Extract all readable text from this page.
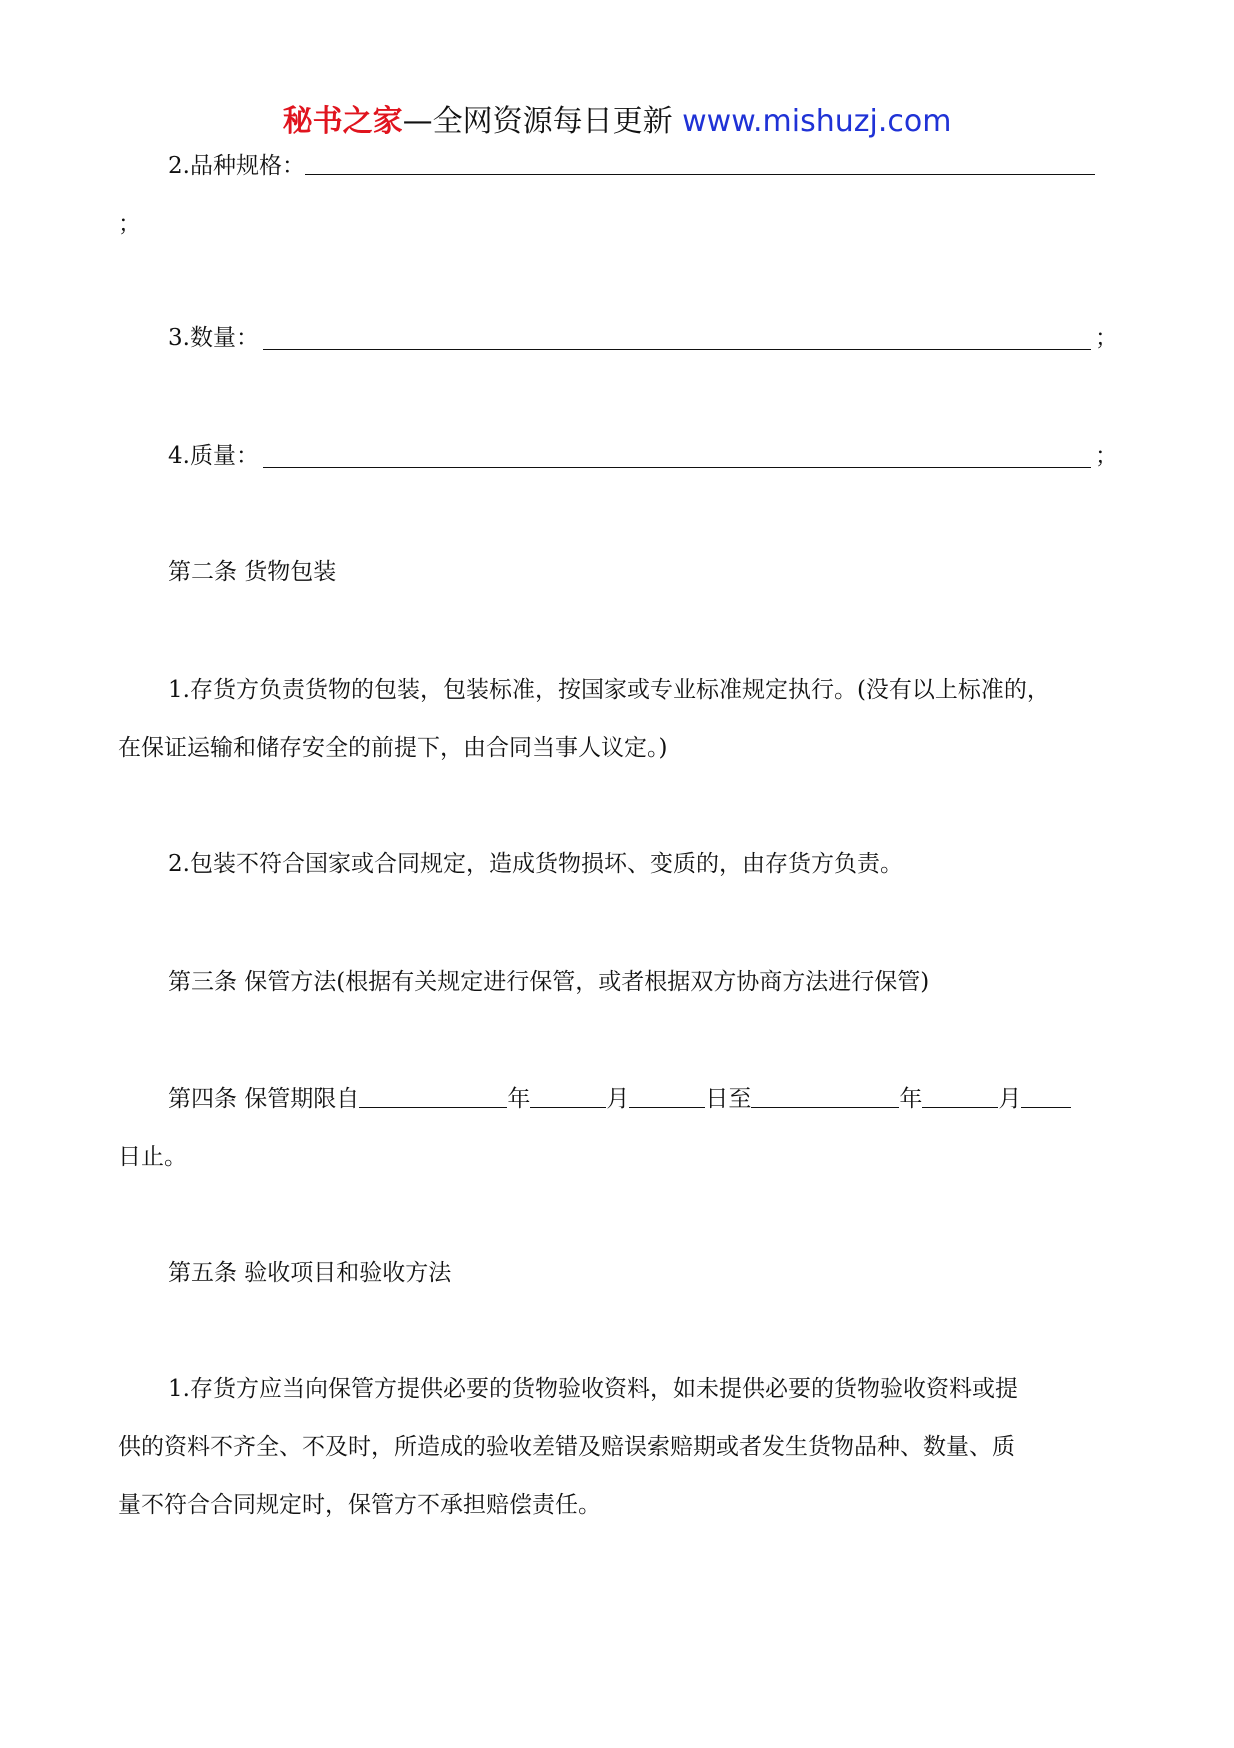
秘书之家—全网资源每日更新 www.mishuzj.com
2.品种规格：
；
3.数量：	；
4.质量：	；
第二条 货物包装
1.存货方负责货物的包装，包装标准，按国家或专业标准规定执行。(没有以上标准的，
在保证运输和储存安全的前提下，由合同当事人议定。)
2.包装不符合国家或合同规定，造成货物损坏、变质的，由存货方负责。
第三条 保管方法(根据有关规定进行保管，或者根据双方协商方法进行保管)
第四条 保管期限自	年	月	日至	年	月
日止。
第五条 验收项目和验收方法
1.存货方应当向保管方提供必要的货物验收资料，如未提供必要的货物验收资料或提
供的资料不齐全、不及时，所造成的验收差错及赔误索赔期或者发生货物品种、数量、质
量不符合合同规定时，保管方不承担赔偿责任。
